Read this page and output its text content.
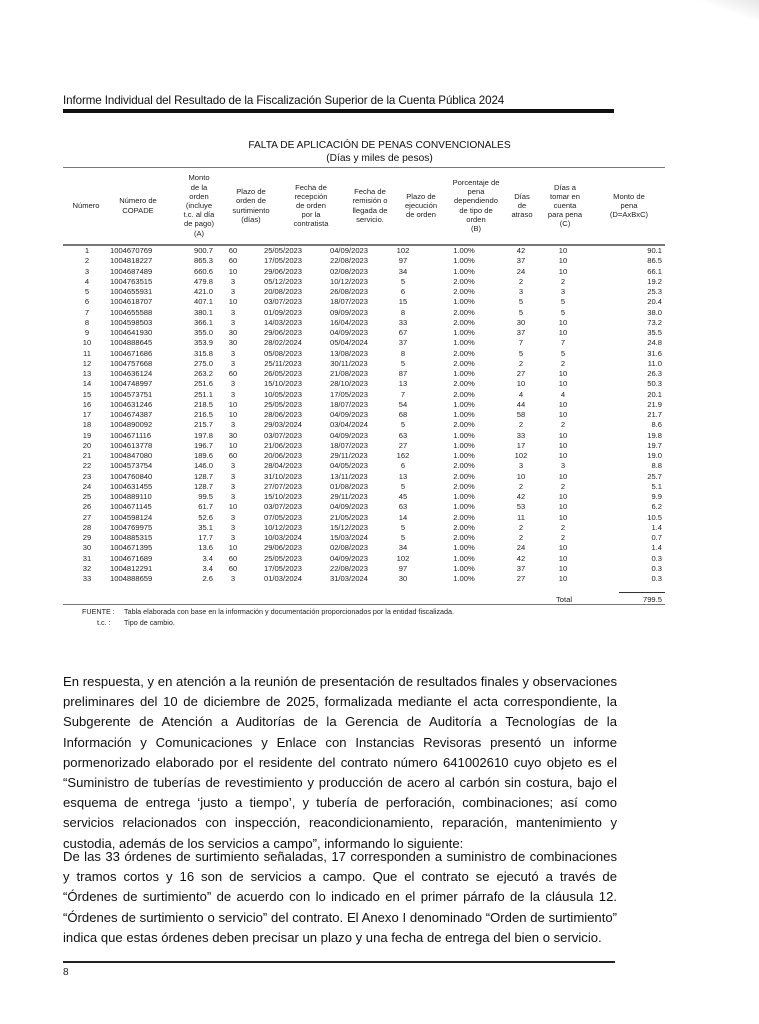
Informe Individual del Resultado de la Fiscalización Superior de la Cuenta Pública 2024
FALTA DE APLICACIÓN DE PENAS CONVENCIONALES
(Días y miles de pesos)
Número
Número de
COPADE
Monto
de la
orden
(incluye
t.c. al día
de pago)
(A)
Plazo de
orden de
surtimiento
(días)
Fecha de
recepción
de orden
por la
contratista
Fecha de
remisión o
llegada de
servicio.
Plazo de
ejecución
de orden
Porcentaje de
pena
dependiendo
de tipo de
orden
(B)
Días
de
atraso
Días a
tomar en
cuenta
para pena
(C)
Monto de
pena
(D=AxBxC)
1	1004670769	900.7	60	25/05/2023	04/09/2023	102	1.00%	42	10	90.1
2	1004818227	865.3	60	17/05/2023	22/08/2023	97	1.00%	37	10	86.5
3	1004687489	660.6	10	29/06/2023	02/08/2023	34	1.00%	24	10	66.1
4	1004763515	479.8	3	05/12/2023	10/12/2023	5	2.00%	2	2	19.2
5	1004655931	421.0	3	20/08/2023	26/08/2023	6	2.00%	3	3	25.3
6	1004618707	407.1	10	03/07/2023	18/07/2023	15	1.00%	5	5	20.4
7	1004655588	380.1	3	01/09/2023	09/09/2023	8	2.00%	5	5	38.0
8	1004598503	366.1	3	14/03/2023	16/04/2023	33	2.00%	30	10	73.2
9	1004641930	355.0	30	29/06/2023	04/09/2023	67	1.00%	37	10	35.5
10	1004888645	353.9	30	28/02/2024	05/04/2024	37	1.00%	7	7	24.8
11	1004671686	315.8	3	05/08/2023	13/08/2023	8	2.00%	5	5	31.6
12	1004757668	275.0	3	25/11/2023	30/11/2023	5	2.00%	2	2	11.0
13	1004636124	263.2	60	26/05/2023	21/08/2023	87	1.00%	27	10	26.3
14	1004748997	251.6	3	15/10/2023	28/10/2023	13	2.00%	10	10	50.3
15	1004573751	251.1	3	10/05/2023	17/05/2023	7	2.00%	4	4	20.1
16	1004631246	218.5	10	25/05/2023	18/07/2023	54	1.00%	44	10	21.9
17	1004674387	216.5	10	28/06/2023	04/09/2023	68	1.00%	58	10	21.7
18	1004890092	215.7	3	29/03/2024	03/04/2024	5	2.00%	2	2	8.6
19	1004671116	197.8	30	03/07/2023	04/09/2023	63	1.00%	33	10	19.8
20	1004613778	196.7	10	21/06/2023	18/07/2023	27	1.00%	17	10	19.7
21	1004847080	189.6	60	20/06/2023	29/11/2023	162	1.00%	102	10	19.0
22	1004573754	146.0	3	28/04/2023	04/05/2023	6	2.00%	3	3	8.8
23	1004760840	128.7	3	31/10/2023	13/11/2023	13	2.00%	10	10	25.7
24	1004631455	128.7	3	27/07/2023	01/08/2023	5	2.00%	2	2	5.1
25	1004889110	99.5	3	15/10/2023	29/11/2023	45	1.00%	42	10	9.9
26	1004671145	61.7	10	03/07/2023	04/09/2023	63	1.00%	53	10	6.2
27	1004598124	52.6	3	07/05/2023	21/05/2023	14	2.00%	11	10	10.5
28	1004769975	35.1	3	10/12/2023	15/12/2023	5	2.00%	2	2	1.4
29	1004885315	17.7	3	10/03/2024	15/03/2024	5	2.00%	2	2	0.7
30	1004671395	13.6	10	29/06/2023	02/08/2023	34	1.00%	24	10	1.4
31	1004671689	3.4	60	25/05/2023	04/09/2023	102	1.00%	42	10	0.3
32	1004812291	3.4	60	17/05/2023	22/08/2023	97	1.00%	37	10	0.3
33	1004888659	2.6	3	01/03/2024	31/03/2024	30	1.00%	27	10	0.3
Total	799.5
FUENTE : Tabla elaborada con base en la información y documentación proporcionados por la entidad fiscalizada.
t.c. : Tipo de cambio.

En respuesta, y en atención a la reunión de presentación de resultados finales y observaciones preliminares del 10 de diciembre de 2025, formalizada mediante el acta correspondiente, la Subgerente de Atención a Auditorías de la Gerencia de Auditoría a Tecnologías de la Información y Comunicaciones y Enlace con Instancias Revisoras presentó un informe pormenorizado elaborado por el residente del contrato número 641002610 cuyo objeto es el “Suministro de tuberías de revestimiento y producción de acero al carbón sin costura, bajo el esquema de entrega ‘justo a tiempo’, y tubería de perforación, combinaciones; así como servicios relacionados con inspección, reacondicionamiento, reparación, mantenimiento y custodia, además de los servicios a campo”, informando lo siguiente:

De las 33 órdenes de surtimiento señaladas, 17 corresponden a suministro de combinaciones y tramos cortos y 16 son de servicios a campo. Que el contrato se ejecutó a través de “Órdenes de surtimiento” de acuerdo con lo indicado en el primer párrafo de la cláusula 12. “Órdenes de surtimiento o servicio” del contrato. El Anexo I denominado “Orden de surtimiento” indica que estas órdenes deben precisar un plazo y una fecha de entrega del bien o servicio.

8
